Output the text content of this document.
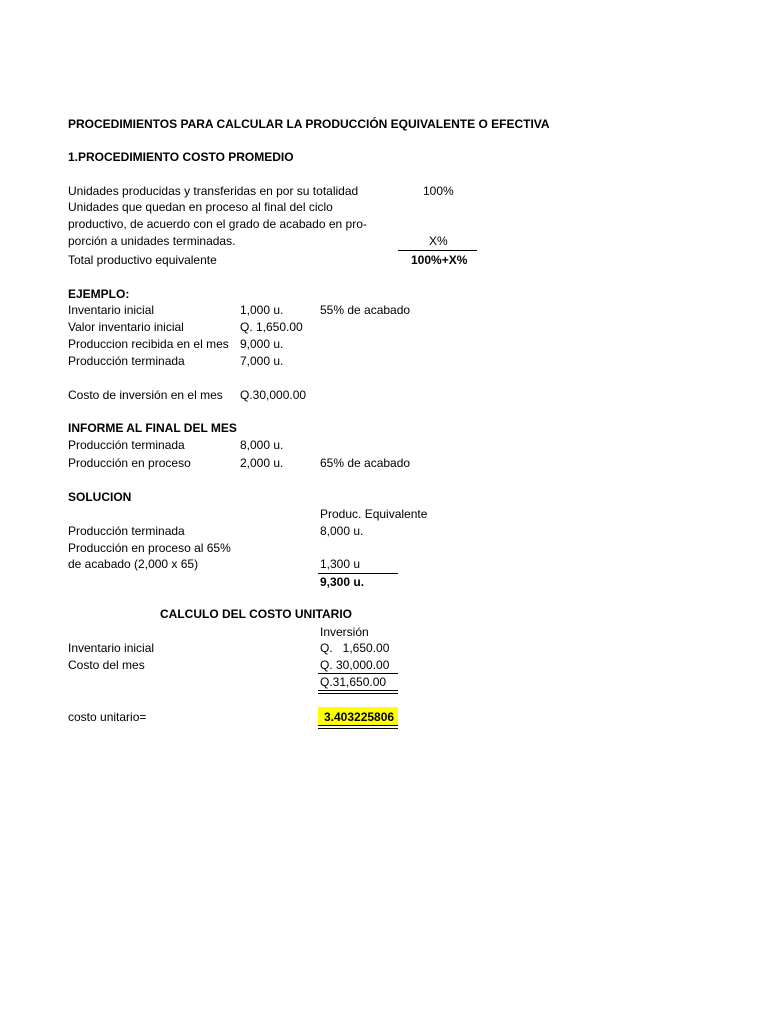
PROCEDIMIENTOS PARA CALCULAR LA PRODUCCIÓN EQUIVALENTE O EFECTIVA
1.PROCEDIMIENTO COSTO PROMEDIO
Unidades producidas y transferidas en por su totalidad	100%
Unidades que quedan en proceso al final del ciclo
productivo, de acuerdo con el grado de acabado en pro-
porción a unidades terminadas.	X%
Total productivo equivalente	100%+X%
EJEMPLO:
Inventario inicial	1,000 u.	55% de acabado
Valor inventario inicial	Q. 1,650.00
Produccion recibida en el mes 9,000 u.
Producción terminada	7,000 u.
Costo de inversión en el mes Q.30,000.00
INFORME AL FINAL DEL MES
Producción terminada	8,000 u.
Producción en proceso	2,000 u.	65% de acabado
SOLUCION
Produc. Equivalente
Producción terminada	8,000 u.
Producción en proceso al 65%
de acabado (2,000 x 65)	1,300 u
9,300 u.
CALCULO DEL COSTO UNITARIO
Inversión
Inventario inicial	Q.   1,650.00
Costo del mes	Q. 30,000.00
Q.31,650.00
costo unitario=	3.403225806
